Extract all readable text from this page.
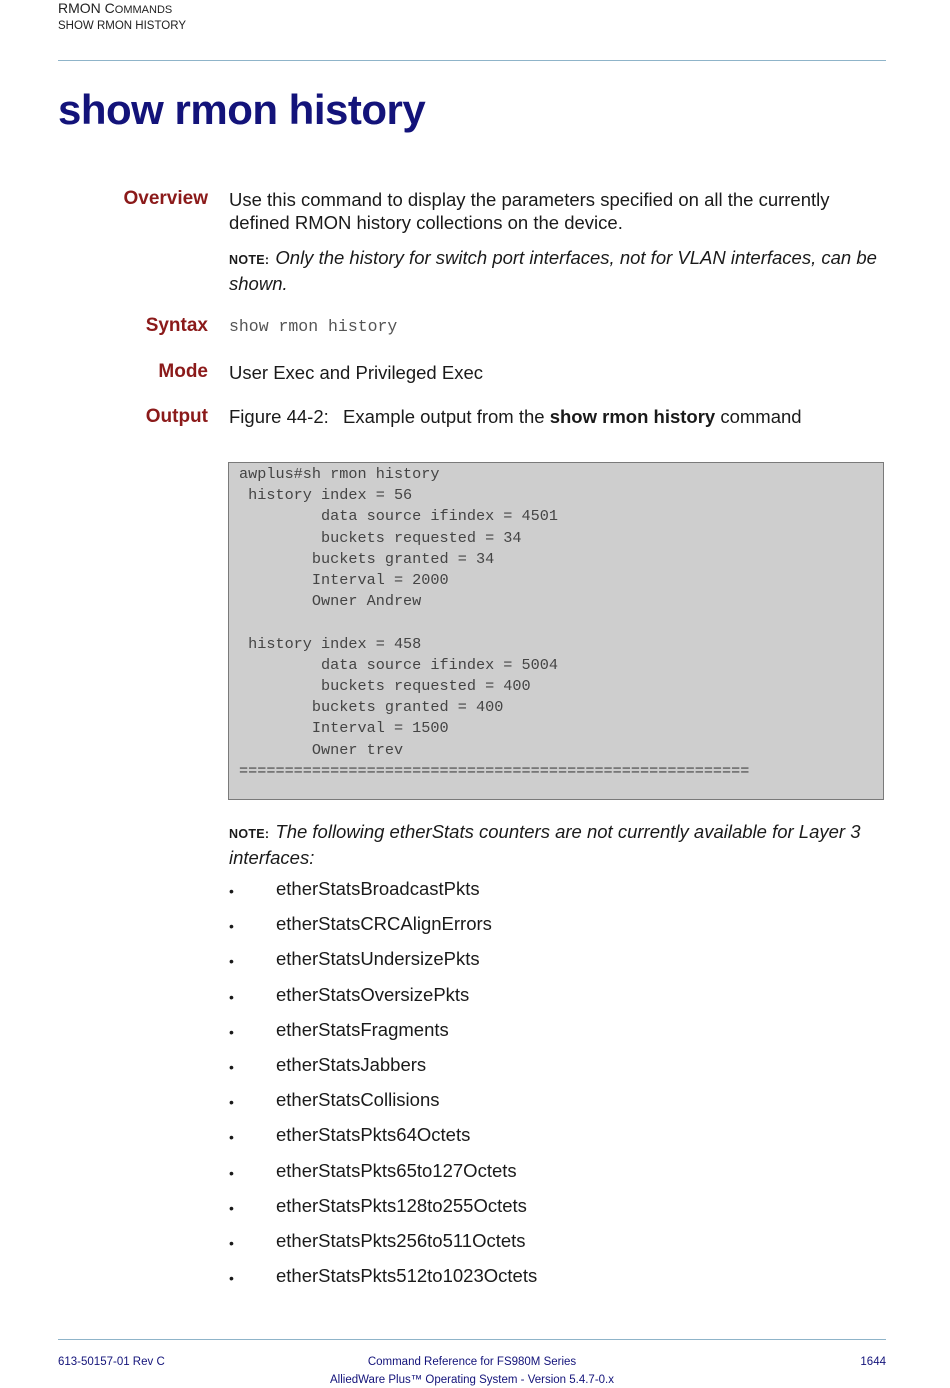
RMON COMMANDS
SHOW RMON HISTORY
show rmon history
Overview Use this command to display the parameters specified on all the currently defined RMON history collections on the device.
NOTE: Only the history for switch port interfaces, not for VLAN interfaces, can be shown.
Syntax show rmon history
Mode User Exec and Privileged Exec
Output Figure 44-2: Example output from the show rmon history command
awplus#sh rmon history
history index = 56
data source ifindex = 4501
buckets requested = 34
buckets granted = 34
Interval = 2000
Owner Andrew

history index = 458
data source ifindex = 5004
buckets requested = 400
buckets granted = 400
Interval = 1500
Owner trev
========================================================
NOTE: The following etherStats counters are not currently available for Layer 3 interfaces:
• etherStatsBroadcastPkts
• etherStatsCRCAlignErrors
• etherStatsUndersizePkts
• etherStatsOversizePkts
• etherStatsFragments
• etherStatsJabbers
• etherStatsCollisions
• etherStatsPkts64Octets
• etherStatsPkts65to127Octets
• etherStatsPkts128to255Octets
• etherStatsPkts256to511Octets
• etherStatsPkts512to1023Octets
613-50157-01 Rev C	Command Reference for FS980M Series
AlliedWare Plus™ Operating System - Version 5.4.7-0.x
1644
